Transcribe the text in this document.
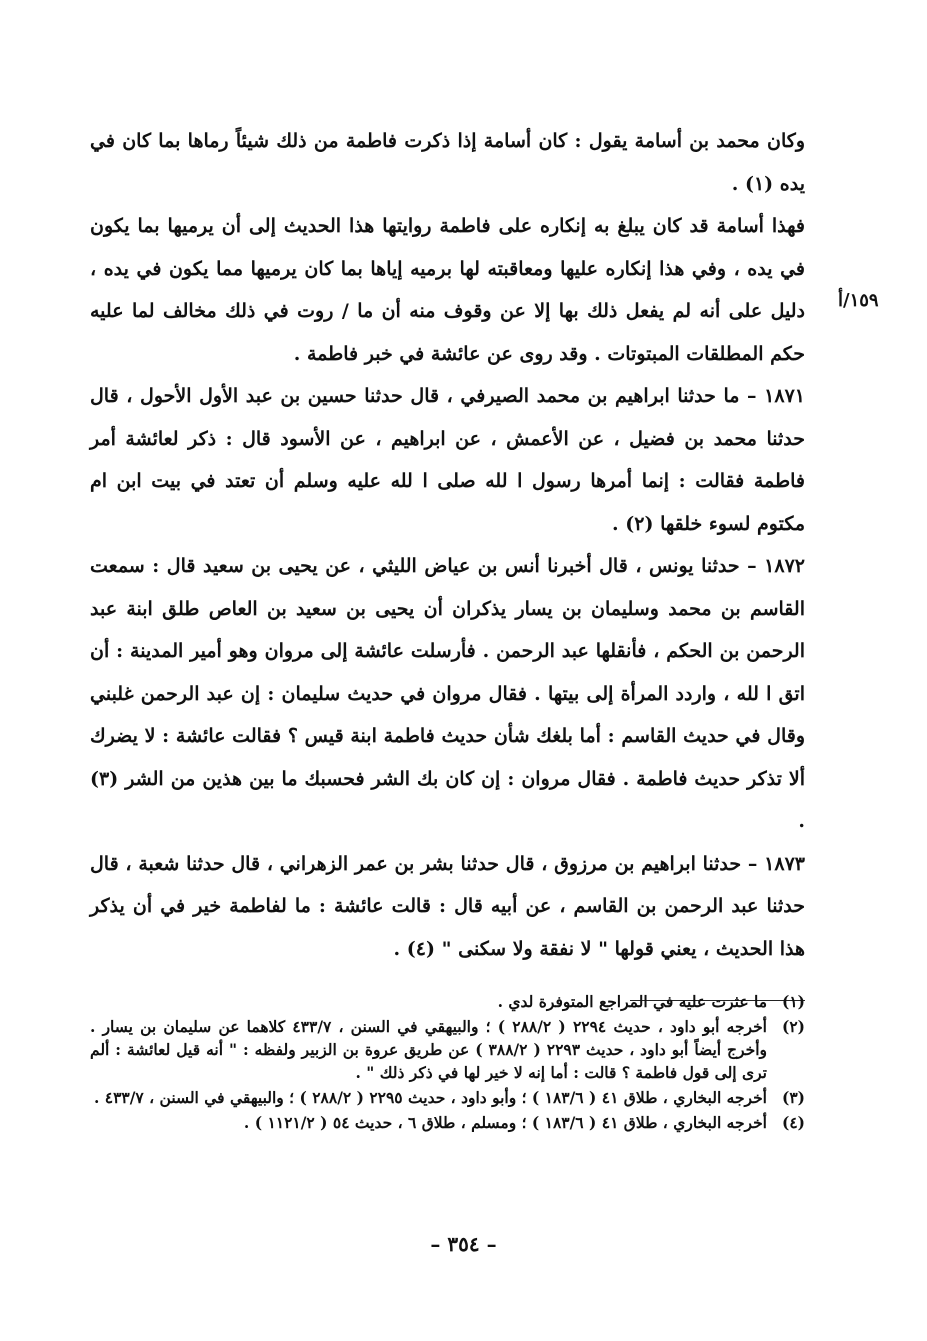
وكان محمد بن أسامة يقول : كان أسامة إذا ذكرت فاطمة من ذلك شيئاً رماها بما كان في يده (١) .

فهذا أسامة قد كان يبلغ به إنكاره على فاطمة روايتها هذا الحديث إلى أن يرميها بما يكون في يده ، وفي هذا إنكاره عليها ومعاقبته لها برميه إياها بما كان يرميها مما يكون في يده ، دليل على أنه لم يفعل ذلك بها إلا عن وقوف منه أن ما / روت في ذلك مخالف لما عليه حكم المطلقات المبتوتات . وقد روى عن عائشة في خبر فاطمة .

١٨٧١ – ما حدثنا ابراهيم بن محمد الصيرفي ، قال حدثنا حسين بن عبد الأول الأحول ، قال حدثنا محمد بن فضيل ، عن الأعمش ، عن ابراهيم ، عن الأسود قال : ذكر لعائشة أمر فاطمة فقالت : إنما أمرها رسول ا لله صلى ا لله عليه وسلم أن تعتد في بيت ابن ام مكتوم لسوء خلقها (٢) .

١٨٧٢ – حدثنا يونس ، قال أخبرنا أنس بن عياض الليثي ، عن يحيى بن سعيد قال : سمعت القاسم بن محمد وسليمان بن يسار يذكران أن يحيى بن سعيد بن العاص طلق ابنة عبد الرحمن بن الحكم ، فأنقلها عبد الرحمن . فأرسلت عائشة إلى مروان وهو أمير المدينة : أن اتق ا لله ، واردد المرأة إلى بيتها . فقال مروان في حديث سليمان : إن عبد الرحمن غلبني وقال في حديث القاسم : أما بلغك شأن حديث فاطمة ابنة قيس ؟ فقالت عائشة : لا يضرك ألا تذكر حديث فاطمة . فقال مروان : إن كان بك الشر فحسبك ما بين هذين من الشر (٣) .

١٨٧٣ – حدثنا ابراهيم بن مرزوق ، قال حدثنا بشر بن عمر الزهراني ، قال حدثنا شعبة ، قال حدثنا عبد الرحمن بن القاسم ، عن أبيه قال : قالت عائشة : ما لفاطمة خير في أن يذكر هذا الحديث ، يعني قولها " لا نفقة ولا سكنى " (٤) .

١٥٩/أ
(١)
ما عثرت عليه في المراجع المتوفرة لدي .
(٢)
أخرجه أبو داود ، حديث ٢٢٩٤ ( ٢٨٨/٢ ) ؛ والبيهقي في السنن ، ٤٣٣/٧ كلاهما عن سليمان بن يسار . وأخرج أيضاً أبو داود ، حديث ٢٢٩٣ ( ٣٨٨/٢ ) عن طريق عروة بن الزبير ولفظه : " أنه قيل لعائشة : ألم ترى إلى قول فاطمة ؟ قالت : أما إنه لا خير لها في ذكر ذلك " .
(٣)
أخرجه البخاري ، طلاق ٤١ ( ١٨٣/٦ ) ؛ وأبو داود ، حديث ٢٢٩٥ ( ٢٨٨/٢ ) ؛ والبيهقي في السنن ، ٤٣٣/٧ .
(٤)
أخرجه البخاري ، طلاق ٤١ ( ١٨٣/٦ ) ؛ ومسلم ، طلاق ٦ ، حديث ٥٤ ( ١١٢١/٢ ) .
– ٣٥٤ –
